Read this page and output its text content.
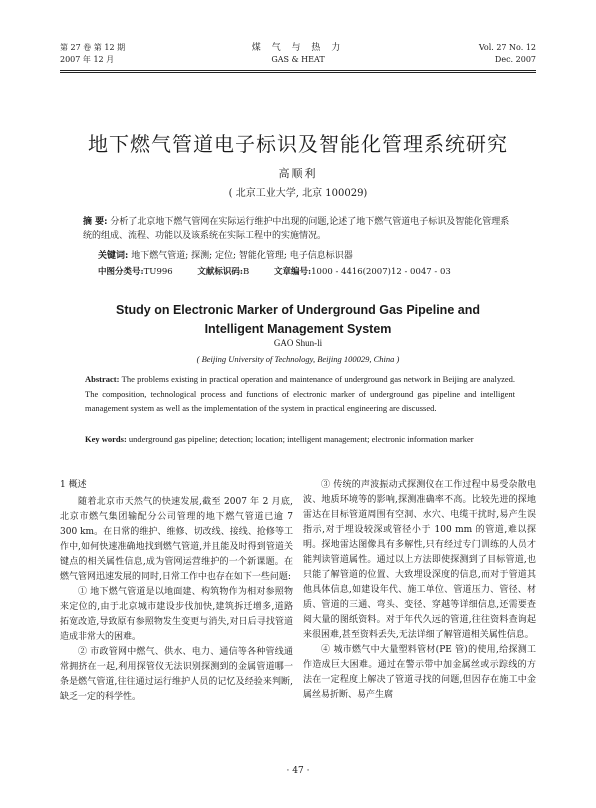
第 27 卷 第 12 期
2007 年 12 月
煤 气 与 热 力
GAS & HEAT
Vol. 27 No. 12
Dec. 2007
地下燃气管道电子标识及智能化管理系统研究
高顺利
( 北京工业大学, 北京 100029)
摘 要: 分析了北京地下燃气管网在实际运行维护中出现的问题,论述了地下燃气管道电子标识及智能化管理系统的组成、流程、功能以及该系统在实际工程中的实施情况。
关键词: 地下燃气管道; 探测; 定位; 智能化管理; 电子信息标识器
中图分类号:TU996	文献标识码:B	文章编号:1000 - 4416(2007)12 - 0047 - 03
Study on Electronic Marker of Underground Gas Pipeline and
Intelligent Management System
GAO Shun-li
( Beijing University of Technology, Beijing 100029, China )
Abstract: The problems existing in practical operation and maintenance of underground gas network in Beijing are analyzed. The composition, technological process and functions of electronic marker of underground gas pipeline and intelligent management system as well as the implementation of the system in practical engineering are discussed.
Key words: underground gas pipeline; detection; location; intelligent management; electronic information marker

1 概述

随着北京市天然气的快速发展,截至 2007 年 2 月底,北京市燃气集团输配分公司管理的地下燃气管道已逾 7 300 km。在日常的维护、维修、切改线、接线、抢修等工作中,如何快速准确地找到燃气管道,并且能及时得到管道关键点的相关属性信息,成为管网运营维护的一个新课题。在燃气管网迅速发展的同时,日常工作中也存在如下一些问题:

① 地下燃气管道是以地面建、构筑物作为相对参照物来定位的,由于北京城市建设步伐加快,建筑拆迁增多,道路拓宽改造,导致原有参照物发生变更与消失,对日后寻找管道造成非常大的困难。

② 市政管网中燃气、供水、电力、通信等各种管线通常拥挤在一起,利用探管仪无法识别探测到的金属管道哪一条是燃气管道,往往通过运行维护人员的记忆及经验来判断,缺乏一定的科学性。

③ 传统的声波振动式探测仪在工作过程中易受杂散电波、地质环境等的影响,探测准确率不高。比较先进的探地雷达在目标管道周围有空洞、水穴、电缆干扰时,易产生误指示,对于埋设较深或管径小于 100 mm 的管道,难以探明。探地雷达图像具有多解性,只有经过专门训练的人员才能判读管道属性。通过以上方法即使探测到了目标管道,也只能了解管道的位置、大致埋设深度的信息,而对于管道其他具体信息,如建设年代、施工单位、管道压力、管径、材质、管道的三通、弯头、变径、穿越等详细信息,还需要查阅大量的图纸资料。对于年代久远的管道,往往资料查询起来很困难,甚至资料丢失,无法详细了解管道相关属性信息。

④ 城市燃气中大量塑料管材(PE 管)的使用,给探测工作造成巨大困难。通过在警示带中加金属丝或示踪线的方法在一定程度上解决了管道寻找的问题,但因存在施工中金属丝易折断、易产生腐

· 47 ·
